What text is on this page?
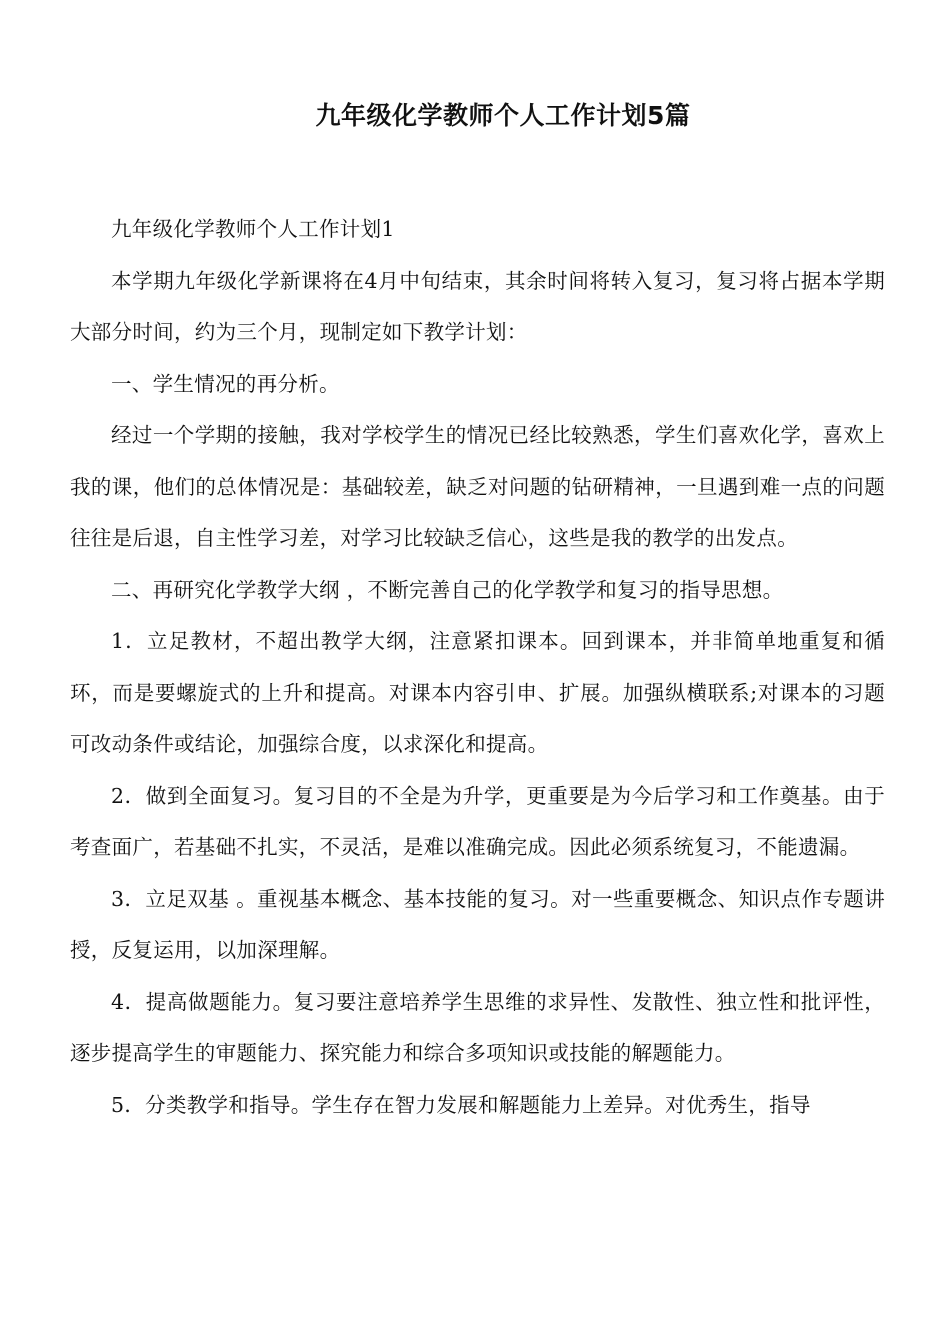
九年级化学教师个人工作计划5篇

九年级化学教师个人工作计划1

本学期九年级化学新课将在4月中旬结束，其余时间将转入复习，复习将占据本学期大部分时间，约为三个月，现制定如下教学计划：

一、学生情况的再分析。

经过一个学期的接触，我对学校学生的情况已经比较熟悉，学生们喜欢化学，喜欢上我的课，他们的总体情况是：基础较差，缺乏对问题的钻研精神，一旦遇到难一点的问题往往是后退，自主性学习差，对学习比较缺乏信心，这些是我的教学的出发点。

二、再研究化学教学大纲 ，不断完善自己的化学教学和复习的指导思想。

1．立足教材，不超出教学大纲，注意紧扣课本。回到课本，并非简单地重复和循环，而是要螺旋式的上升和提高。对课本内容引申、扩展。加强纵横联系;对课本的习题可改动条件或结论，加强综合度，以求深化和提高。

2．做到全面复习。复习目的不全是为升学，更重要是为今后学习和工作奠基。由于考查面广，若基础不扎实，不灵活，是难以准确完成。因此必须系统复习，不能遗漏。

3．立足双基 。重视基本概念、基本技能的复习。对一些重要概念、知识点作专题讲授，反复运用，以加深理解。

4．提高做题能力。复习要注意培养学生思维的求异性、发散性、独立性和批评性，逐步提高学生的审题能力、探究能力和综合多项知识或技能的解题能力。

5．分类教学和指导。学生存在智力发展和解题能力上差异。对优秀生，指导
